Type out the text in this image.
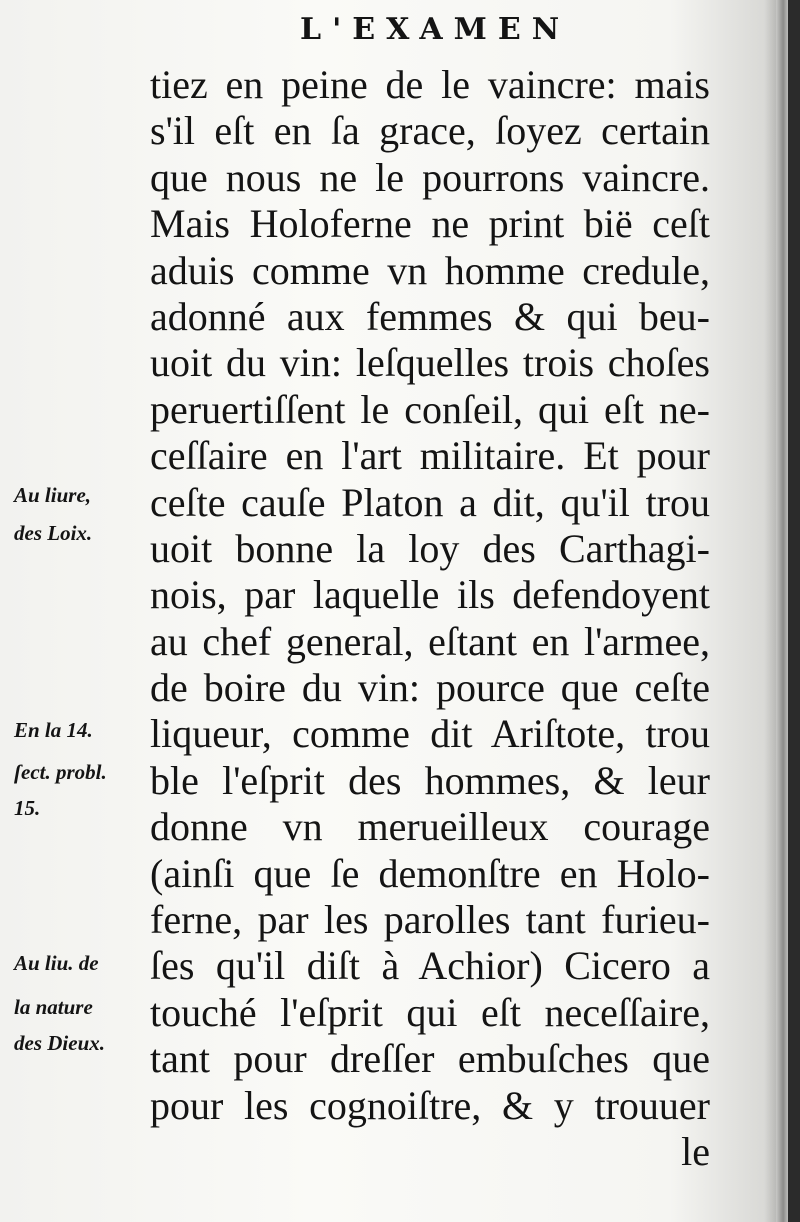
L'EXAMEN
tiez en peine de le vaincre: mais
s'il eſt en ſa grace, ſoyez certain
que nous ne le pourrons vaincre.
Mais Holoferne ne print bië ceſt
aduis comme vn homme credule,
adonné aux femmes & qui beu-
uoit du vin: leſquelles trois choſes
peruertiſſent le conſeil, qui eſt ne-
ceſſaire en l'art militaire. Et pour
ceſte cauſe Platon a dit, qu'il trou
uoit bonne la loy des Carthagi-
nois, par laquelle ils defendoyent
au chef general, eſtant en l'armee,
de boire du vin: pource que ceſte
liqueur, comme dit Ariſtote, trou
ble l'eſprit des hommes, & leur
donne vn merueilleux courage
(ainſi que ſe demonſtre en Holo-
ferne, par les parolles tant furieu-
ſes qu'il diſt à Achior) Cicero a
touché l'eſprit qui eſt neceſſaire,
tant pour dreſſer embuſches que
pour les cognoiſtre, & y trouuer
le
Au liure,
des Loix.
En la 14.
ſect. probl.
15.
Au liu. de
la nature
des Dieux.
